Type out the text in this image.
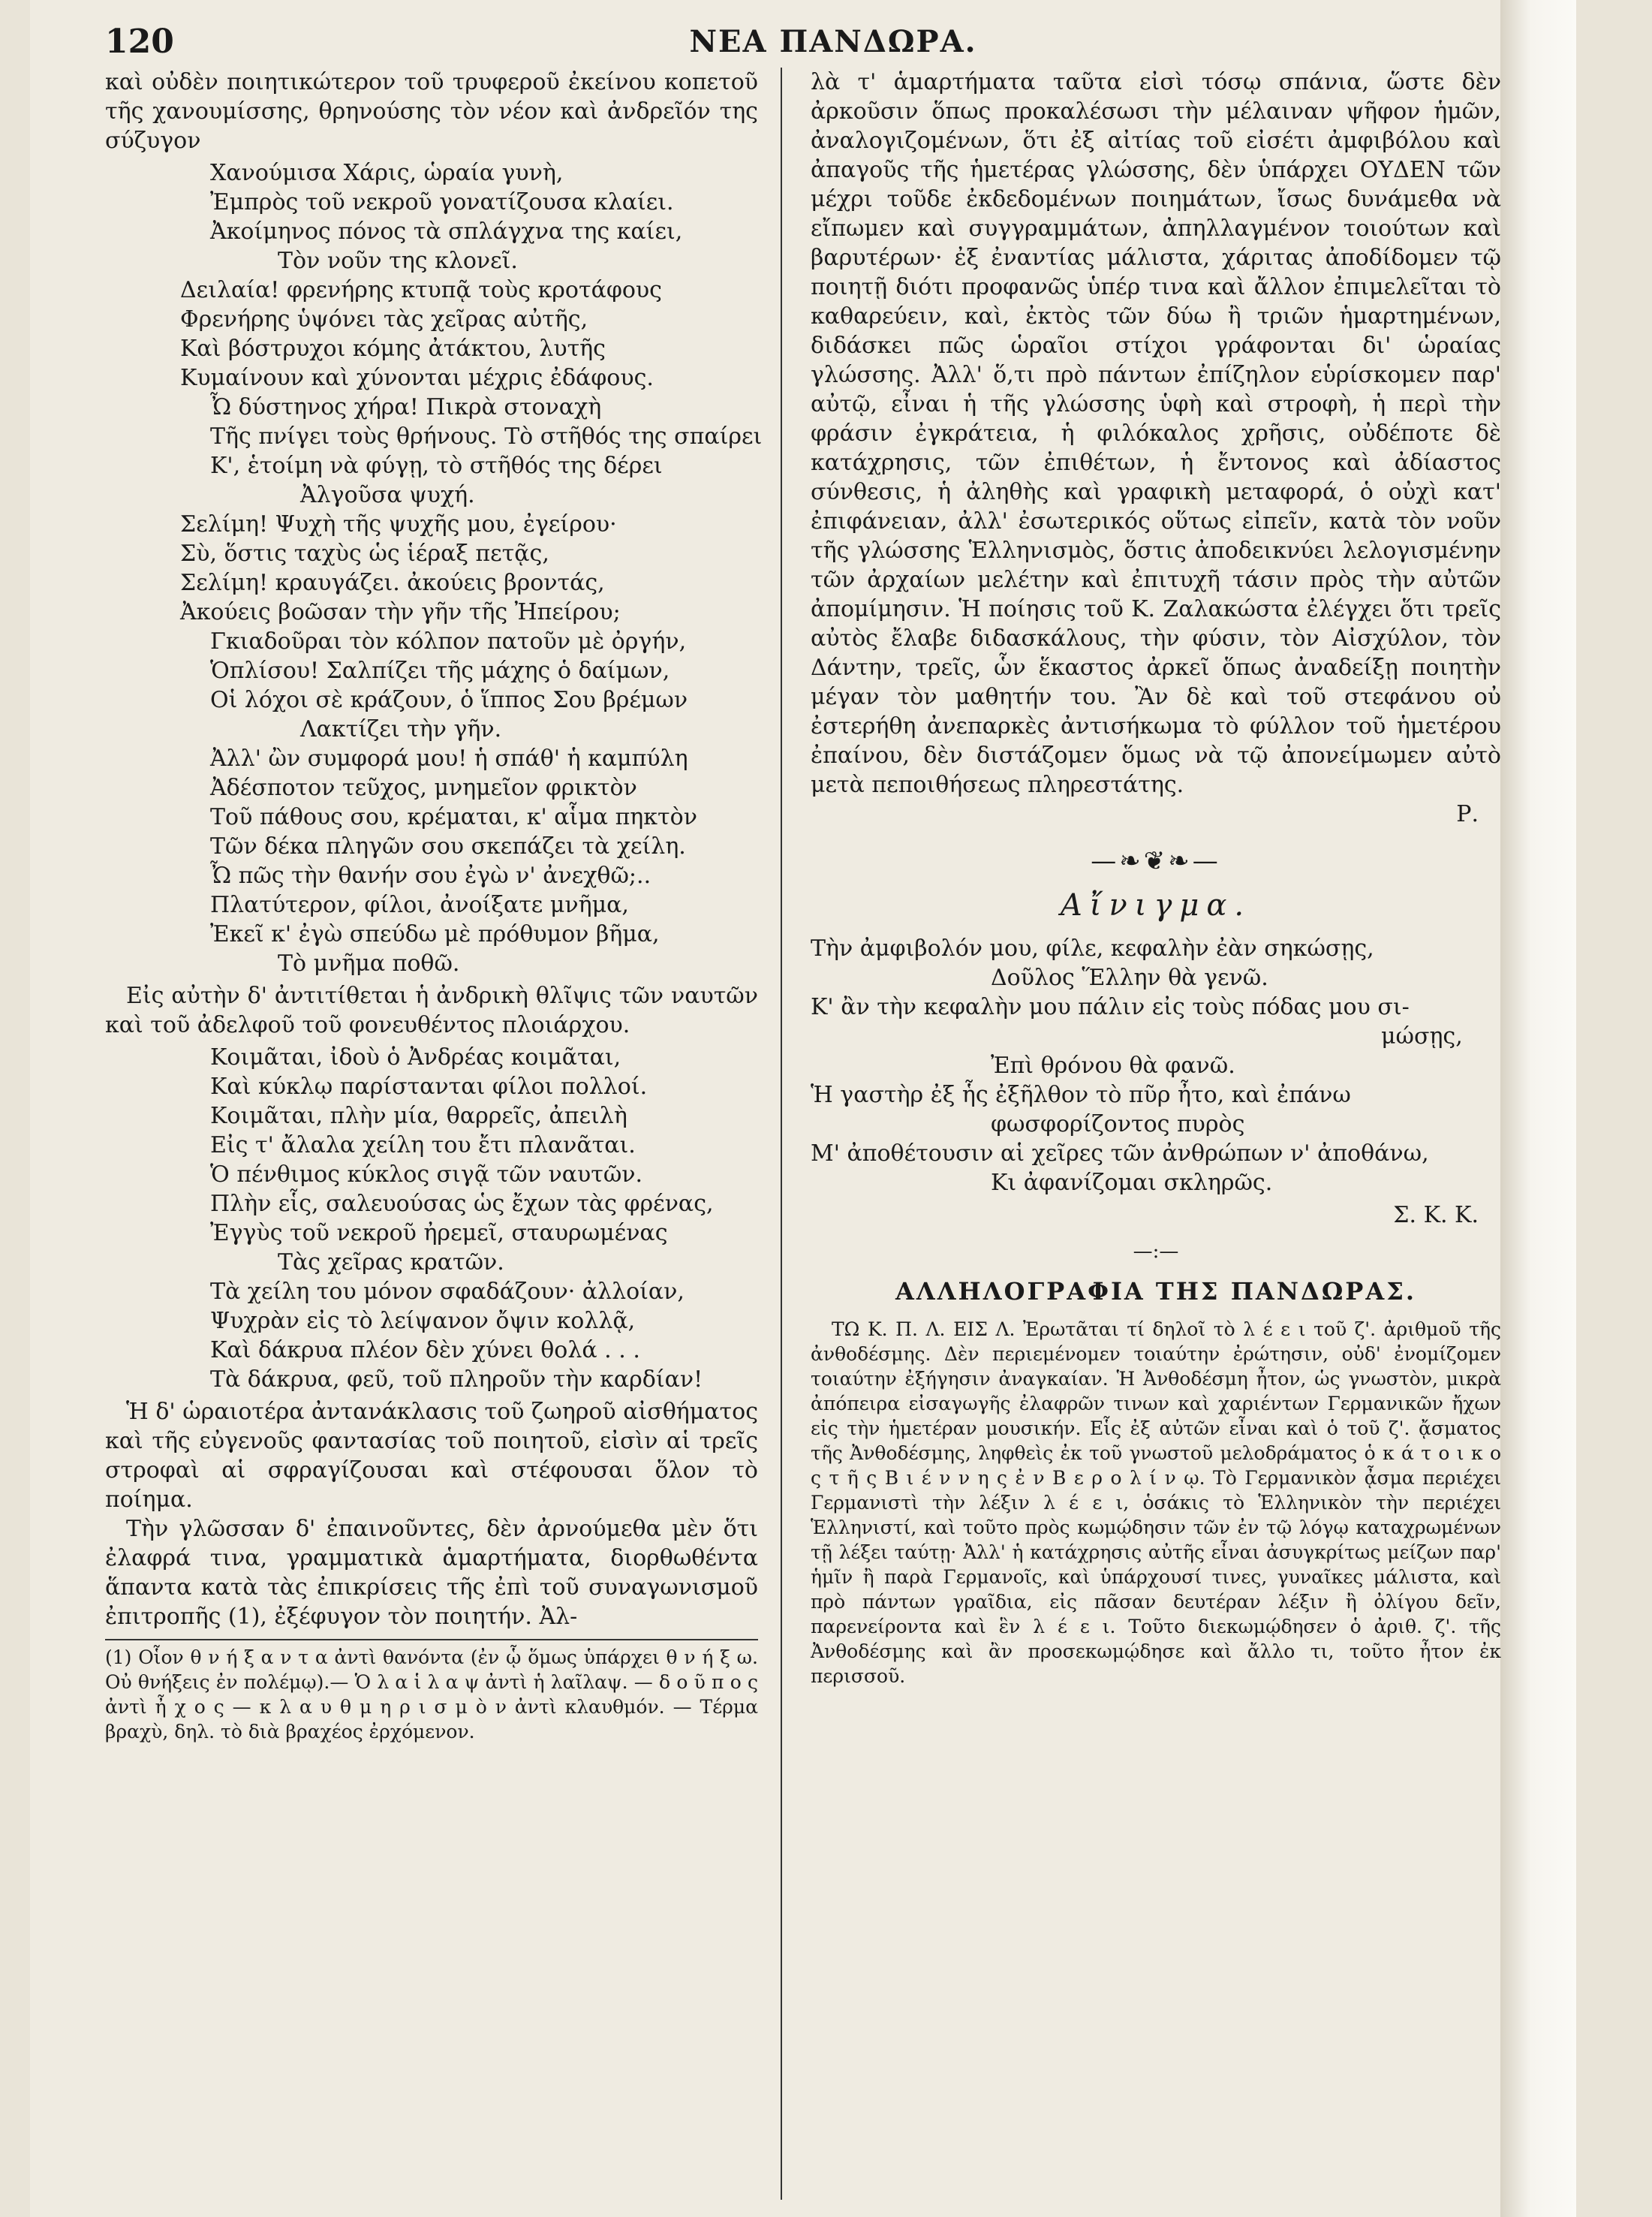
120	ΝΕΑ ΠΑΝΔΩΡΑ.

καὶ οὐδὲν ποιητικώτερον τοῦ τρυφεροῦ ἐκείνου κοπετοῦ τῆς χανουμίσσης, θρηνούσης τὸν νέον καὶ ἀνδρεῖόν της σύζυγον

Χανούμισα Χάρις, ὡραία γυνὴ,
Ἐμπρὸς τοῦ νεκροῦ γονατίζουσα κλαίει.
Ἀκοίμηνος πόνος τὰ σπλάγχνα της καίει,
Τὸν νοῦν της κλονεῖ.
Δειλαία! φρενήρης κτυπᾷ τοὺς κροτάφους
Φρενήρης ὑψόνει τὰς χεῖρας αὐτῆς,
Καὶ βόστρυχοι κόμης ἀτάκτου, λυτῆς
Κυμαίνουν καὶ χύνονται μέχρις ἐδάφους.
Ὦ δύστηνος χήρα! Πικρὰ στοναχὴ
Τῆς πνίγει τοὺς θρήνους. Τὸ στῆθός της σπαίρει
Κ', ἑτοίμη νὰ φύγῃ, τὸ στῆθός της δέρει
Ἀλγοῦσα ψυχή.
Σελίμη! Ψυχὴ τῆς ψυχῆς μου, ἐγείρου·
Σὺ, ὅστις ταχὺς ὡς ἱέραξ πετᾷς,
Σελίμη! κραυγάζει. ἀκούεις βροντάς,
Ἀκούεις βοῶσαν τὴν γῆν τῆς Ἠπείρου;
Γκιαδοῦραι τὸν κόλπον πατοῦν μὲ ὀργήν,
Ὁπλίσου! Σαλπίζει τῆς μάχης ὁ δαίμων,
Οἱ λόχοι σὲ κράζουν, ὁ ἵππος Σου βρέμων
Λακτίζει τὴν γῆν.
Ἀλλ' ὢν συμφορά μου! ἡ σπάθ' ἡ καμπύλη
Ἀδέσποτον τεῦχος, μνημεῖον φρικτὸν
Τοῦ πάθους σου, κρέμαται, κ' αἷμα πηκτὸν
Τῶν δέκα πληγῶν σου σκεπάζει τὰ χείλη.
Ὦ πῶς τὴν θανήν σου ἐγὼ ν' ἀνεχθῶ;..
Πλατύτερον, φίλοι, ἀνοίξατε μνῆμα,
Ἐκεῖ κ' ἐγὼ σπεύδω μὲ πρόθυμον βῆμα,
Τὸ μνῆμα ποθῶ.

Εἰς αὐτὴν δ' ἀντιτίθεται ἡ ἀνδρικὴ θλῖψις τῶν ναυτῶν καὶ τοῦ ἀδελφοῦ τοῦ φονευθέντος πλοιάρχου.

Κοιμᾶται, ἰδοὺ ὁ Ἀνδρέας κοιμᾶται,
Καὶ κύκλῳ παρίστανται φίλοι πολλοί.
Κοιμᾶται, πλὴν μία, θαρρεῖς, ἀπειλὴ
Εἰς τ' ἄλαλα χείλη του ἔτι πλανᾶται.
Ὁ πένθιμος κύκλος σιγᾷ τῶν ναυτῶν.
Πλὴν εἷς, σαλευούσας ὡς ἔχων τὰς φρένας,
Ἐγγὺς τοῦ νεκροῦ ἠρεμεῖ, σταυρωμένας
Τὰς χεῖρας κρατῶν.
Τὰ χείλη του μόνον σφαδάζουν· ἀλλοίαν,
Ψυχρὰν εἰς τὸ λείψανον ὄψιν κολλᾷ,
Καὶ δάκρυα πλέον δὲν χύνει θολά . . .
Τὰ δάκρυα, φεῦ, τοῦ πληροῦν τὴν καρδίαν!

Ἡ δ' ὡραιοτέρα ἀντανάκλασις τοῦ ζωηροῦ αἰσθήματος καὶ τῆς εὐγενοῦς φαντασίας τοῦ ποιητοῦ, εἰσὶν αἱ τρεῖς στροφαὶ αἱ σφραγίζουσαι καὶ στέφουσαι ὅλον τὸ ποίημα.

Τὴν γλῶσσαν δ' ἐπαινοῦντες, δὲν ἀρνούμεθα μὲν ὅτι ἐλαφρά τινα, γραμματικὰ ἁμαρτήματα, διορθωθέντα ἅπαντα κατὰ τὰς ἐπικρίσεις τῆς ἐπὶ τοῦ συναγωνισμοῦ ἐπιτροπῆς (1), ἐξέφυγον τὸν ποιητήν. Ἀλ-

(1) Οἷον θ ν ή ξ α ν τ α ἀντὶ θανόντα (ἐν ᾧ ὅμως ὑπάρχει θ ν ή ξ ω. Οὐ θνήξεις ἐν πολέμῳ).— Ὁ λ α ἱ λ α ψ ἀντὶ ἡ λαῖλαψ. — δ ο ῦ π ο ς ἀντὶ ἦ χ ο ς — κ λ α υ θ μ η ρ ι σ μ ὸ ν ἀντὶ κλαυθμόν. — Τέρμα βραχὺ, δηλ. τὸ διὰ βραχέος ἐρχόμενον.

λὰ τ' ἁμαρτήματα ταῦτα εἰσὶ τόσῳ σπάνια, ὥστε δὲν ἀρκοῦσιν ὅπως προκαλέσωσι τὴν μέλαιναν ψῆφον ἡμῶν, ἀναλογιζομένων, ὅτι ἐξ αἰτίας τοῦ εἰσέτι ἀμφιβόλου καὶ ἀπαγοῦς τῆς ἡμετέρας γλώσσης, δὲν ὑπάρχει ΟΥΔΕΝ τῶν μέχρι τοῦδε ἐκδεδομένων ποιημάτων, ἴσως δυνάμεθα νὰ εἴπωμεν καὶ συγγραμμάτων, ἀπηλλαγμένον τοιούτων καὶ βαρυτέρων· ἐξ ἐναντίας μάλιστα, χάριτας ἀποδίδομεν τῷ ποιητῇ διότι προφανῶς ὑπέρ τινα καὶ ἄλλον ἐπιμελεῖται τὸ καθαρεύειν, καὶ, ἐκτὸς τῶν δύω ἢ τριῶν ἡμαρτημένων, διδάσκει πῶς ὡραῖοι στίχοι γράφονται δι' ὡραίας γλώσσης. Ἀλλ' ὅ,τι πρὸ πάντων ἐπίζηλον εὑρίσκομεν παρ' αὐτῷ, εἶναι ἡ τῆς γλώσσης ὑφὴ καὶ στροφὴ, ἡ περὶ τὴν φράσιν ἐγκράτεια, ἡ φιλόκαλος χρῆσις, οὐδέποτε δὲ κατάχρησις, τῶν ἐπιθέτων, ἡ ἔντονος καὶ ἀδίαστος σύνθεσις, ἡ ἀληθὴς καὶ γραφικὴ μεταφορά, ὁ οὐχὶ κατ' ἐπιφάνειαν, ἀλλ' ἐσωτερικός οὕτως εἰπεῖν, κατὰ τὸν νοῦν τῆς γλώσσης Ἑλληνισμὸς, ὅστις ἀποδεικνύει λελογισμένην τῶν ἀρχαίων μελέτην καὶ ἐπιτυχῆ τάσιν πρὸς τὴν αὐτῶν ἀπομίμησιν. Ἡ ποίησις τοῦ Κ. Ζαλακώστα ἐλέγχει ὅτι τρεῖς αὐτὸς ἔλαβε διδασκάλους, τὴν φύσιν, τὸν Αἰσχύλον, τὸν Δάντην, τρεῖς, ὧν ἕκαστος ἀρκεῖ ὅπως ἀναδείξῃ ποιητὴν μέγαν τὸν μαθητήν του. Ἂν δὲ καὶ τοῦ στεφάνου οὐ ἐστερήθη ἀνεπαρκὲς ἀντισήκωμα τὸ φύλλον τοῦ ἡμετέρου ἐπαίνου, δὲν διστάζομεν ὅμως νὰ τῷ ἀπονείμωμεν αὐτὸ μετὰ πεποιθήσεως πληρεστάτης.

Ρ.
—❧❦❧—
Αἴνιγμα.
Τὴν ἀμφιβολόν μου, φίλε, κεφαλὴν ἐὰν σηκώσῃς,
Δοῦλος Ἕλλην θὰ γενῶ.
Κ' ἂν τὴν κεφαλὴν μου πάλιν εἰς τοὺς πόδας μου σι-
μώσῃς,
Ἐπὶ θρόνου θὰ φανῶ.
Ἡ γαστὴρ ἐξ ἧς ἐξῆλθον τὸ πῦρ ἦτο, καὶ ἐπάνω
φωσφορίζοντος πυρὸς
Μ' ἀποθέτουσιν αἱ χεῖρες τῶν ἀνθρώπων ν' ἀποθάνω,
Κι ἀφανίζομαι σκληρῶς.
Σ. Κ. Κ.
—:—
ΑΛΛΗΛΟΓΡΑΦΙΑ ΤΗΣ ΠΑΝΔΩΡΑΣ.

ΤΩ Κ. Π. Λ. ΕΙΣ Λ. Ἐρωτᾶται τί δηλοῖ τὸ λ έ ε ι τοῦ ζ'. ἀριθμοῦ τῆς ἀνθοδέσμης. Δὲν περιεμένομεν τοιαύτην ἐρώτησιν, οὐδ' ἐνομίζομεν τοιαύτην ἐξήγησιν ἀναγκαίαν. Ἡ Ἀνθοδέσμη ἦτον, ὡς γνωστὸν, μικρὰ ἀπόπειρα εἰσαγωγῆς ἐλαφρῶν τινων καὶ χαριέντων Γερμανικῶν ἤχων εἰς τὴν ἡμετέραν μουσικήν. Εἷς ἐξ αὐτῶν εἶναι καὶ ὁ τοῦ ζ'. ᾄσματος τῆς Ἀνθοδέσμης, ληφθεὶς ἐκ τοῦ γνωστοῦ μελοδράματος ὁ κ ά τ ο ι κ ο ς τ ῆ ς Β ι έ ν ν η ς ἐ ν Β ε ρ ο λ ί ν ῳ. Τὸ Γερμανικὸν ᾆσμα περιέχει Γερμανιστὶ τὴν λέξιν λ έ ε ι, ὁσάκις τὸ Ἑλληνικὸν τὴν περιέχει Ἑλληνιστί, καὶ τοῦτο πρὸς κωμῴδησιν τῶν ἐν τῷ λόγῳ καταχρωμένων τῇ λέξει ταύτῃ· Ἀλλ' ἡ κατάχρησις αὐτῆς εἶναι ἀσυγκρίτως μείζων παρ' ἡμῖν ἢ παρὰ Γερμανοῖς, καὶ ὑπάρχουσί τινες, γυναῖκες μάλιστα, καὶ πρὸ πάντων γραῖδια, εἰς πᾶσαν δευτέραν λέξιν ἢ ὀλίγου δεῖν, παρενείροντα καὶ ἓν λ έ ε ι. Τοῦτο διεκωμῴδησεν ὁ ἀριθ. ζ'. τῆς Ἀνθοδέσμης καὶ ἂν προσεκωμῴδησε καὶ ἄλλο τι, τοῦτο ἦτον ἐκ περισσοῦ.
